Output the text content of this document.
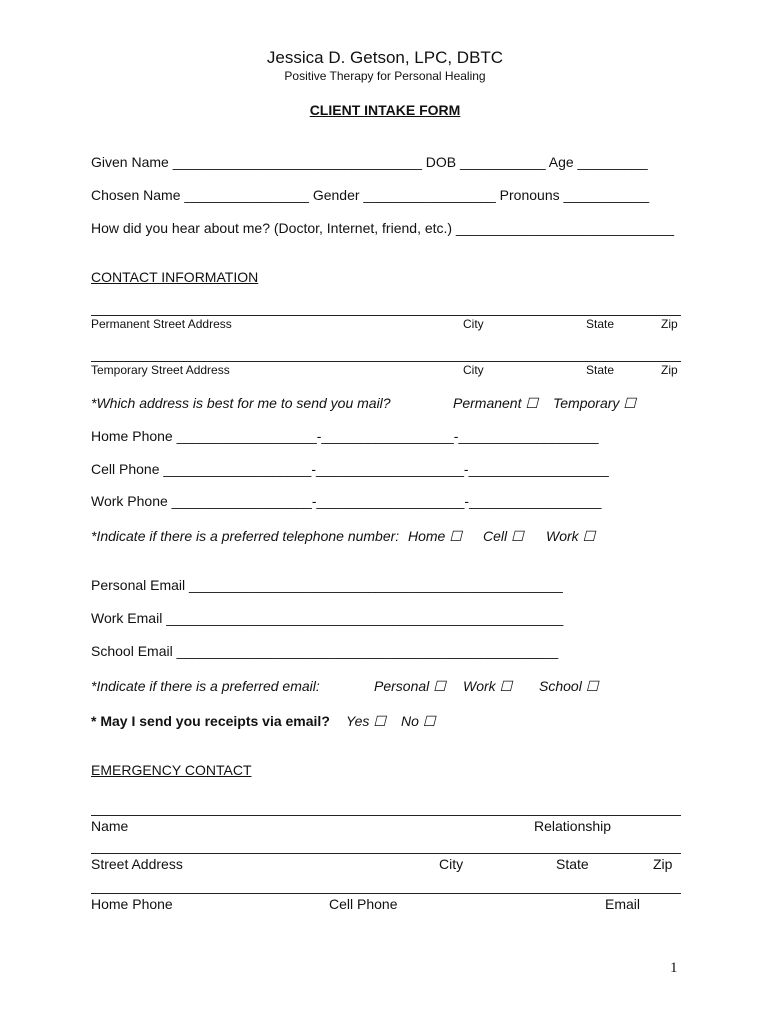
Jessica D. Getson, LPC, DBTC
Positive Therapy for Personal Healing
CLIENT INTAKE FORM
Given Name ________________________________ DOB ___________ Age _________
Chosen Name ________________ Gender _________________ Pronouns ___________
How did you hear about me? (Doctor, Internet, friend, etc.) ____________________________
CONTACT INFORMATION
Permanent Street Address	City	State	Zip
Temporary Street Address	City	State	Zip
*Which address is best for me to send you mail?	Permanent ☐ Temporary ☐
Home Phone __________________-_________________-__________________
Cell Phone ___________________-___________________-__________________
Work Phone __________________-___________________-_________________
*Indicate if there is a preferred telephone number: Home ☐ Cell ☐ Work ☐
Personal Email ________________________________________________
Work Email ___________________________________________________
School Email _________________________________________________
*Indicate if there is a preferred email:	Personal ☐ Work ☐ School ☐
* May I send you receipts via email? Yes ☐ No ☐
EMERGENCY CONTACT
Name	Relationship
Street Address	City	State	Zip
Home Phone	Cell Phone	Email
1
